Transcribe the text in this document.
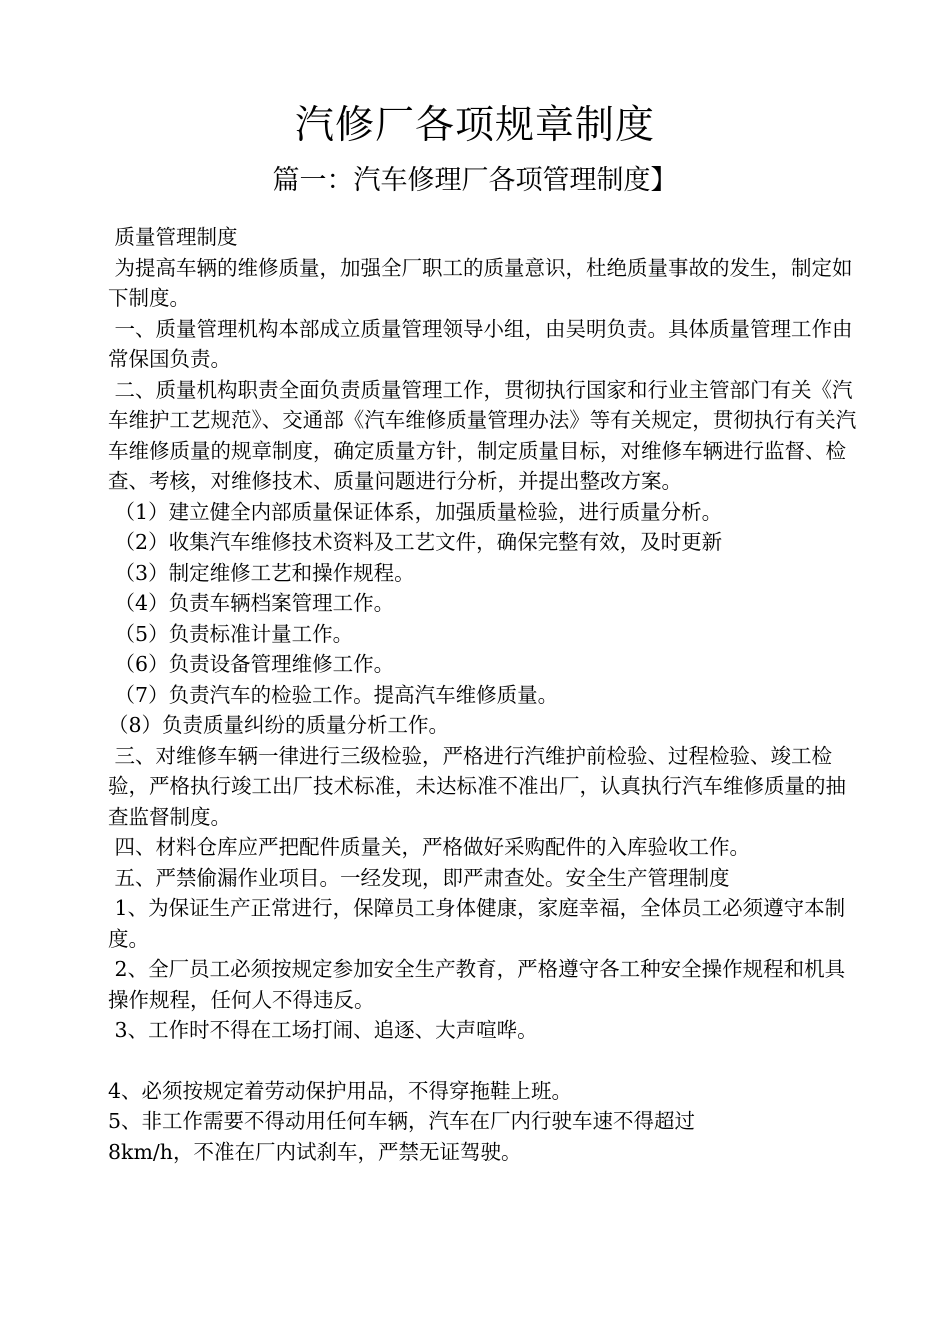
汽修厂各项规章制度
篇一：汽车修理厂各项管理制度】

质量管理制度

为提高车辆的维修质量，加强全厂职工的质量意识，杜绝质量事故的发生，制定如下制度。

一、质量管理机构本部成立质量管理领导小组，由吴明负责。具体质量管理工作由常保国负责。

二、质量机构职责全面负责质量管理工作，贯彻执行国家和行业主管部门有关《汽车维护工艺规范》、交通部《汽车维修质量管理办法》等有关规定，贯彻执行有关汽车维修质量的规章制度，确定质量方针，制定质量目标，对维修车辆进行监督、检查、考核，对维修技术、质量问题进行分析，并提出整改方案。

（1）建立健全内部质量保证体系，加强质量检验，进行质量分析。

（2）收集汽车维修技术资料及工艺文件，确保完整有效，及时更新

（3）制定维修工艺和操作规程。

（4）负责车辆档案管理工作。

（5）负责标准计量工作。

（6）负责设备管理维修工作。

（7）负责汽车的检验工作。提高汽车维修质量。

（8）负责质量纠纷的质量分析工作。

三、对维修车辆一律进行三级检验，严格进行汽维护前检验、过程检验、竣工检验，严格执行竣工出厂技术标准，未达标准不准出厂，认真执行汽车维修质量的抽查监督制度。

四、材料仓库应严把配件质量关，严格做好采购配件的入库验收工作。

五、严禁偷漏作业项目。一经发现，即严肃查处。安全生产管理制度

1、为保证生产正常进行，保障员工身体健康，家庭幸福，全体员工必须遵守本制度。

2、全厂员工必须按规定参加安全生产教育，严格遵守各工种安全操作规程和机具操作规程，任何人不得违反。

3、工作时不得在工场打闹、追逐、大声喧哗。

4、必须按规定着劳动保护用品，不得穿拖鞋上班。

5、非工作需要不得动用任何车辆，汽车在厂内行驶车速不得超过

8km/h，不准在厂内试刹车，严禁无证驾驶。
